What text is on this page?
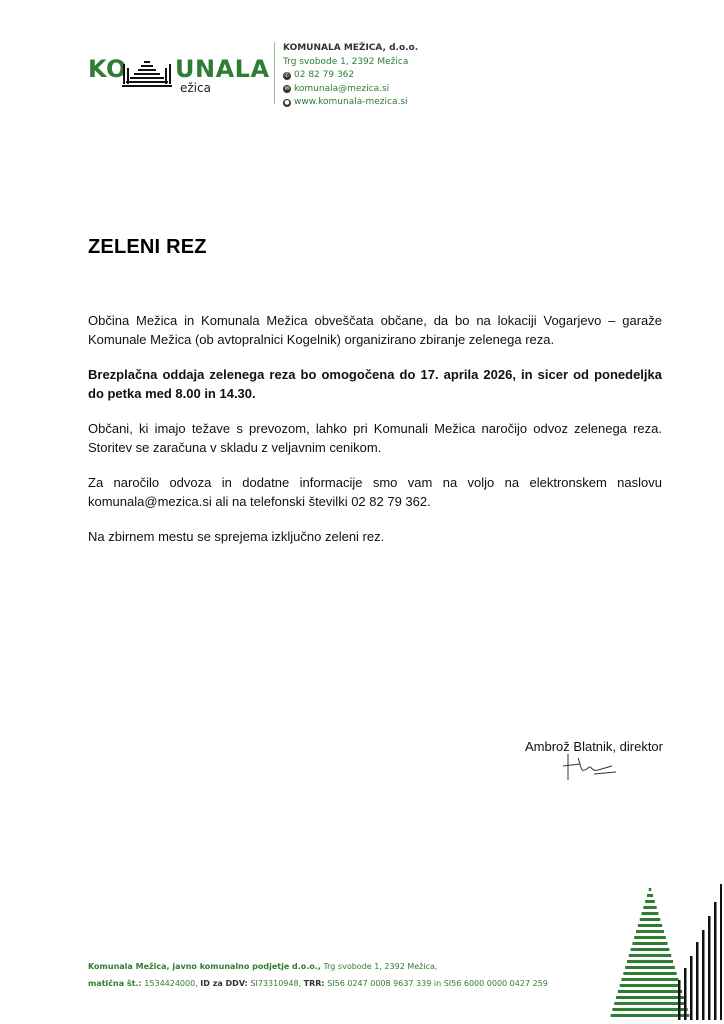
KO UNALA
ežica
KOMUNALA MEŽICA, d.o.o.
Trg svobode 1, 2392 Mežica
✆ 02 82 79 362
✉ komunala@mezica.si
● www.komunala-mezica.si
ZELENI REZ

Občina Mežica in Komunala Mežica obveščata občane, da bo na lokaciji Vogarjevo – garaže Komunale Mežica (ob avtopralnici Kogelnik) organizirano zbiranje zelenega reza.

Brezplačna oddaja zelenega reza bo omogočena do 17. aprila 2026, in sicer od ponedeljka do petka med 8.00 in 14.30.

Občani, ki imajo težave s prevozom, lahko pri Komunali Mežica naročijo odvoz zelenega reza. Storitev se zaračuna v skladu z veljavnim cenikom.

Za naročilo odvoza in dodatne informacije smo vam na voljo na elektronskem naslovu komunala@mezica.si ali na telefonski številki 02 82 79 362.

Na zbirnem mestu se sprejema izključno zeleni rez.

Ambrož Blatnik, direktor
Komunala Mežica, javno komunalno podjetje d.o.o., Trg svobode 1, 2392 Mežica,
matična št.: 1534424000, ID za DDV: SI73310948, TRR: SI56 0247 0008 9637 339 in SI56 6000 0000 0427 259
